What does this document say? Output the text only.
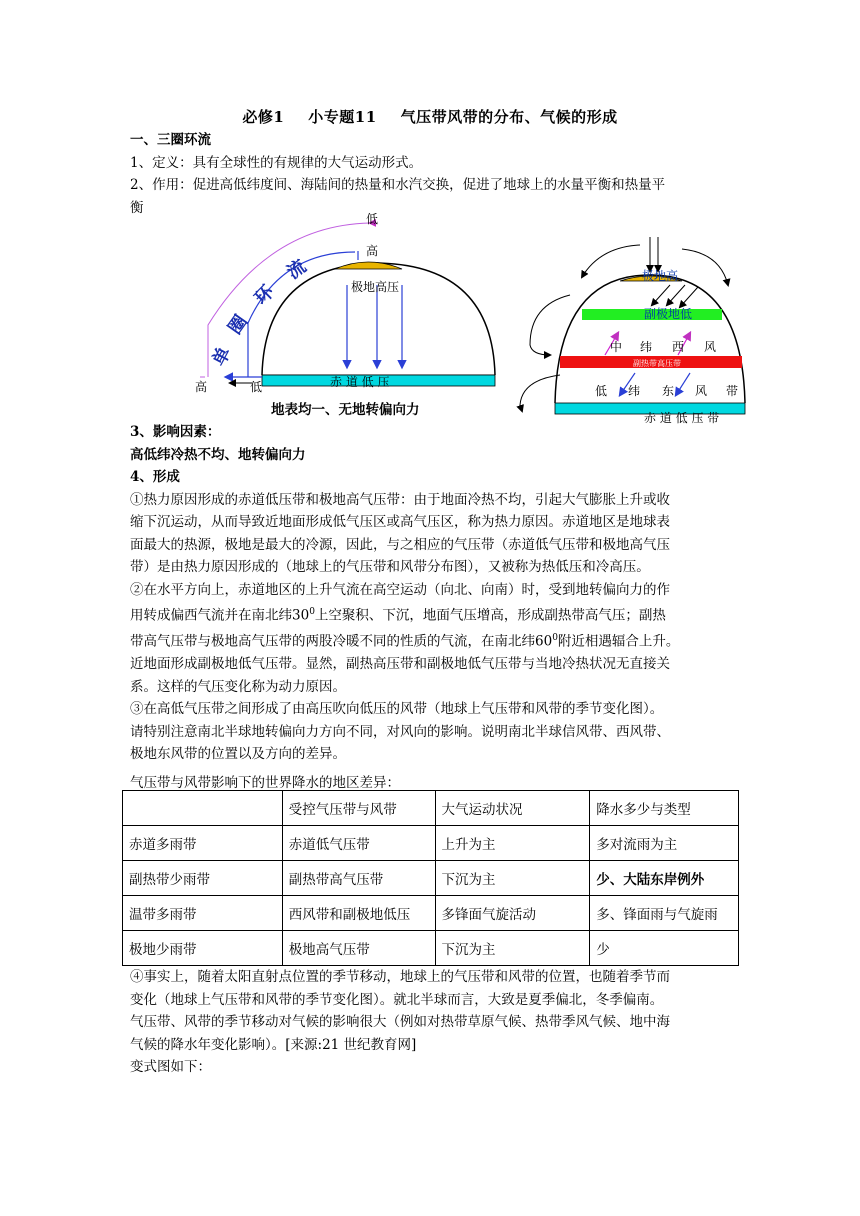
必修1 小专题11 气压带风带的分布、气候的形成
一、三圈环流
1、定义：具有全球性的有规律的大气运动形式。
2、作用：促进高低纬度间、海陆间的热量和水汽交换，促进了地球上的水量平衡和热量平
衡
低
高
极地高压
赤 道 低 压
高	低
单
圈
环
流
地表均一、无地转偏向力
极地高
副极地低
中 纬 西 风
副热带高压带
低 纬 东 风 带
赤 道 低 压 带
3、影响因素：
高低纬冷热不均、地转偏向力
4、形成
①热力原因形成的赤道低压带和极地高气压带：由于地面冷热不均，引起大气膨胀上升或收
缩下沉运动，从而导致近地面形成低气压区或高气压区，称为热力原因。赤道地区是地球表
面最大的热源，极地是最大的冷源，因此，与之相应的气压带（赤道低气压带和极地高气压
带）是由热力原因形成的（地球上的气压带和风带分布图），又被称为热低压和冷高压。
②在水平方向上，赤道地区的上升气流在高空运动（向北、向南）时，受到地转偏向力的作
用转成偏西气流并在南北纬$30^0$上空聚积、下沉，地面气压增高，形成副热带高气压；副热
带高气压带与极地高气压带的两股冷暖不同的性质的气流，在南北纬$60^0$附近相遇辐合上升。
近地面形成副极地低气压带。显然，副热高压带和副极地低气压带与当地冷热状况无直接关
系。这样的气压变化称为动力原因。
③在高低气压带之间形成了由高压吹向低压的风带（地球上气压带和风带的季节变化图）。
请特别注意南北半球地转偏向力方向不同，对风向的影响。说明南北半球信风带、西风带、
极地东风带的位置以及方向的差异。
气压带与风带影响下的世界降水的地区差异：
	受控气压带与风带	大气运动状况	降水多少与类型
赤道多雨带	赤道低气压带	上升为主	多对流雨为主
副热带少雨带	副热带高气压带	下沉为主	少、大陆东岸例外
温带多雨带	西风带和副极地低压	多锋面气旋活动	多、锋面雨与气旋雨
极地少雨带	极地高气压带	下沉为主	少
④事实上，随着太阳直射点位置的季节移动，地球上的气压带和风带的位置，也随着季节而
变化（地球上气压带和风带的季节变化图）。就北半球而言，大致是夏季偏北，冬季偏南。
气压带、风带的季节移动对气候的影响很大（例如对热带草原气候、热带季风气候、地中海
气候的降水年变化影响）。[来源:21 世纪教育网]
变式图如下：
